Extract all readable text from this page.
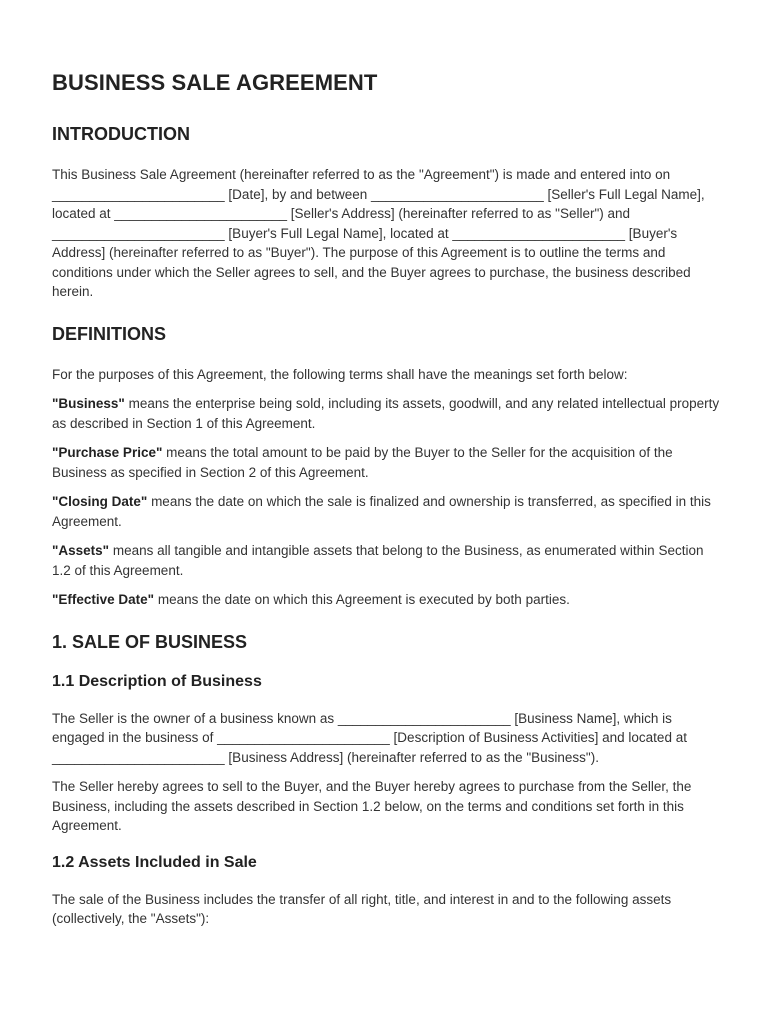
BUSINESS SALE AGREEMENT
INTRODUCTION

This Business Sale Agreement (hereinafter referred to as the "Agreement") is made and entered into on _______________________ [Date], by and between _______________________ [Seller's Full Legal Name], located at _______________________ [Seller's Address] (hereinafter referred to as "Seller") and _______________________ [Buyer's Full Legal Name], located at _______________________ [Buyer's Address] (hereinafter referred to as "Buyer"). The purpose of this Agreement is to outline the terms and conditions under which the Seller agrees to sell, and the Buyer agrees to purchase, the business described herein.

DEFINITIONS

For the purposes of this Agreement, the following terms shall have the meanings set forth below:

"Business" means the enterprise being sold, including its assets, goodwill, and any related intellectual property as described in Section 1 of this Agreement.

"Purchase Price" means the total amount to be paid by the Buyer to the Seller for the acquisition of the Business as specified in Section 2 of this Agreement.

"Closing Date" means the date on which the sale is finalized and ownership is transferred, as specified in this Agreement.

"Assets" means all tangible and intangible assets that belong to the Business, as enumerated within Section 1.2 of this Agreement.

"Effective Date" means the date on which this Agreement is executed by both parties.

1. SALE OF BUSINESS
1.1 Description of Business

The Seller is the owner of a business known as _______________________ [Business Name], which is engaged in the business of _______________________ [Description of Business Activities] and located at _______________________ [Business Address] (hereinafter referred to as the "Business").

The Seller hereby agrees to sell to the Buyer, and the Buyer hereby agrees to purchase from the Seller, the Business, including the assets described in Section 1.2 below, on the terms and conditions set forth in this Agreement.

1.2 Assets Included in Sale

The sale of the Business includes the transfer of all right, title, and interest in and to the following assets (collectively, the "Assets"):
